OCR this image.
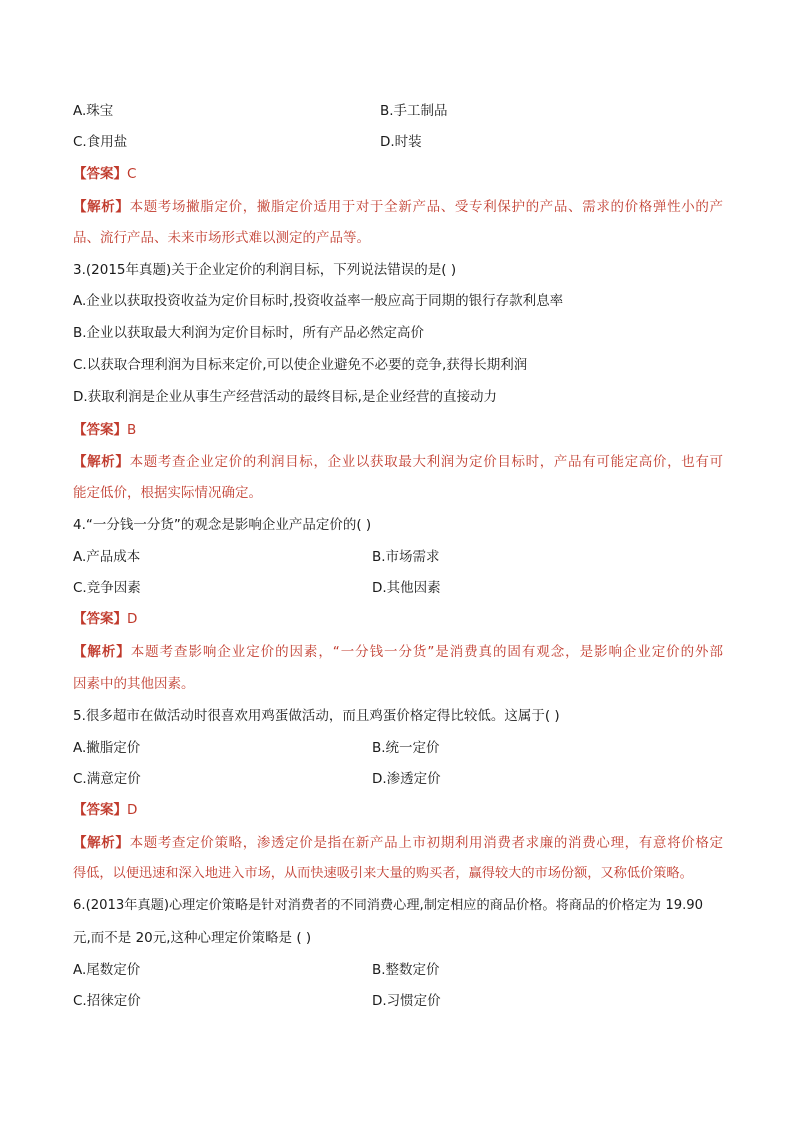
A.珠宝	B.手工制品
C.食用盐	D.时装
【答案】C
【解析】本题考场撇脂定价，撇脂定价适用于对于全新产品、受专利保护的产品、需求的价格弹性小的产
品、流行产品、未来市场形式难以测定的产品等。
3.(2015年真题)关于企业定价的利润目标，下列说法错误的是( )
A.企业以获取投资收益为定价目标时,投资收益率一般应高于同期的银行存款利息率
B.企业以获取最大利润为定价目标时，所有产品必然定高价
C.以获取合理利润为目标来定价,可以使企业避免不必要的竞争,获得长期利润
D.获取利润是企业从事生产经营活动的最终目标,是企业经营的直接动力
【答案】B
【解析】本题考查企业定价的利润目标，企业以获取最大利润为定价目标时，产品有可能定高价，也有可
能定低价，根据实际情况确定。
4.“一分钱一分货”的观念是影响企业产品定价的( )
A.产品成本	B.市场需求
C.竞争因素	D.其他因素
【答案】D
【解析】本题考查影响企业定价的因素，“一分钱一分货”是消费真的固有观念，是影响企业定价的外部
因素中的其他因素。
5.很多超市在做活动时很喜欢用鸡蛋做活动，而且鸡蛋价格定得比较低。这属于( )
A.撇脂定价	B.统一定价
C.满意定价	D.渗透定价
【答案】D
【解析】本题考查定价策略，渗透定价是指在新产品上市初期利用消费者求廉的消费心理，有意将价格定
得低，以便迅速和深入地进入市场，从而快速吸引来大量的购买者，赢得较大的市场份额，又称低价策略。
6.(2013年真题)心理定价策略是针对消费者的不同消费心理,制定相应的商品价格。将商品的价格定为 19.90
元,而不是 20元,这种心理定价策略是 ( )
A.尾数定价	B.整数定价
C.招徕定价	D.习惯定价
